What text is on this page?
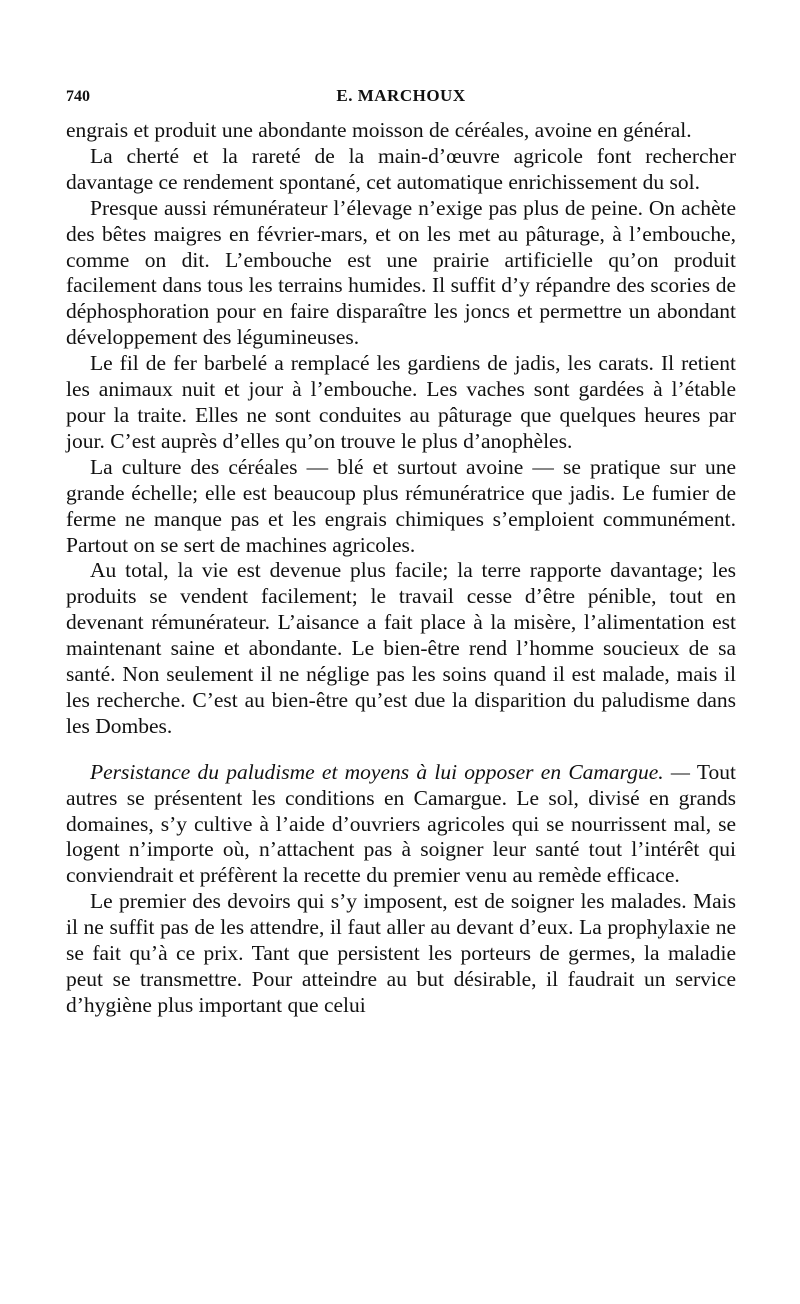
740	E. MARCHOUX

engrais et produit une abondante moisson de céréales, avoine en général.

La cherté et la rareté de la main-d’œuvre agricole font rechercher davantage ce rendement spontané, cet automatique enrichissement du sol.

Presque aussi rémunérateur l’élevage n’exige pas plus de peine. On achète des bêtes maigres en février-mars, et on les met au pâturage, à l’embouche, comme on dit. L’embouche est une prairie artificielle qu’on produit facilement dans tous les terrains humides. Il suffit d’y répandre des scories de déphosphoration pour en faire disparaître les joncs et permettre un abondant développement des légumineuses.

Le fil de fer barbelé a remplacé les gardiens de jadis, les carats. Il retient les animaux nuit et jour à l’embouche. Les vaches sont gardées à l’étable pour la traite. Elles ne sont conduites au pâturage que quelques heures par jour. C’est auprès d’elles qu’on trouve le plus d’anophèles.

La culture des céréales — blé et surtout avoine — se pratique sur une grande échelle; elle est beaucoup plus rémunératrice que jadis. Le fumier de ferme ne manque pas et les engrais chimiques s’emploient communément. Partout on se sert de machines agricoles.

Au total, la vie est devenue plus facile; la terre rapporte davantage; les produits se vendent facilement; le travail cesse d’être pénible, tout en devenant rémunérateur. L’aisance a fait place à la misère, l’alimentation est maintenant saine et abondante. Le bien-être rend l’homme soucieux de sa santé. Non seulement il ne néglige pas les soins quand il est malade, mais il les recherche. C’est au bien-être qu’est due la disparition du paludisme dans les Dombes.

Persistance du paludisme et moyens à lui opposer en Camargue. — Tout autres se présentent les conditions en Camargue. Le sol, divisé en grands domaines, s’y cultive à l’aide d’ouvriers agricoles qui se nourrissent mal, se logent n’importe où, n’attachent pas à soigner leur santé tout l’intérêt qui conviendrait et préfèrent la recette du premier venu au remède efficace.

Le premier des devoirs qui s’y imposent, est de soigner les malades. Mais il ne suffit pas de les attendre, il faut aller au devant d’eux. La prophylaxie ne se fait qu’à ce prix. Tant que persistent les porteurs de germes, la maladie peut se transmettre. Pour atteindre au but désirable, il faudrait un service d’hygiène plus important que celui
